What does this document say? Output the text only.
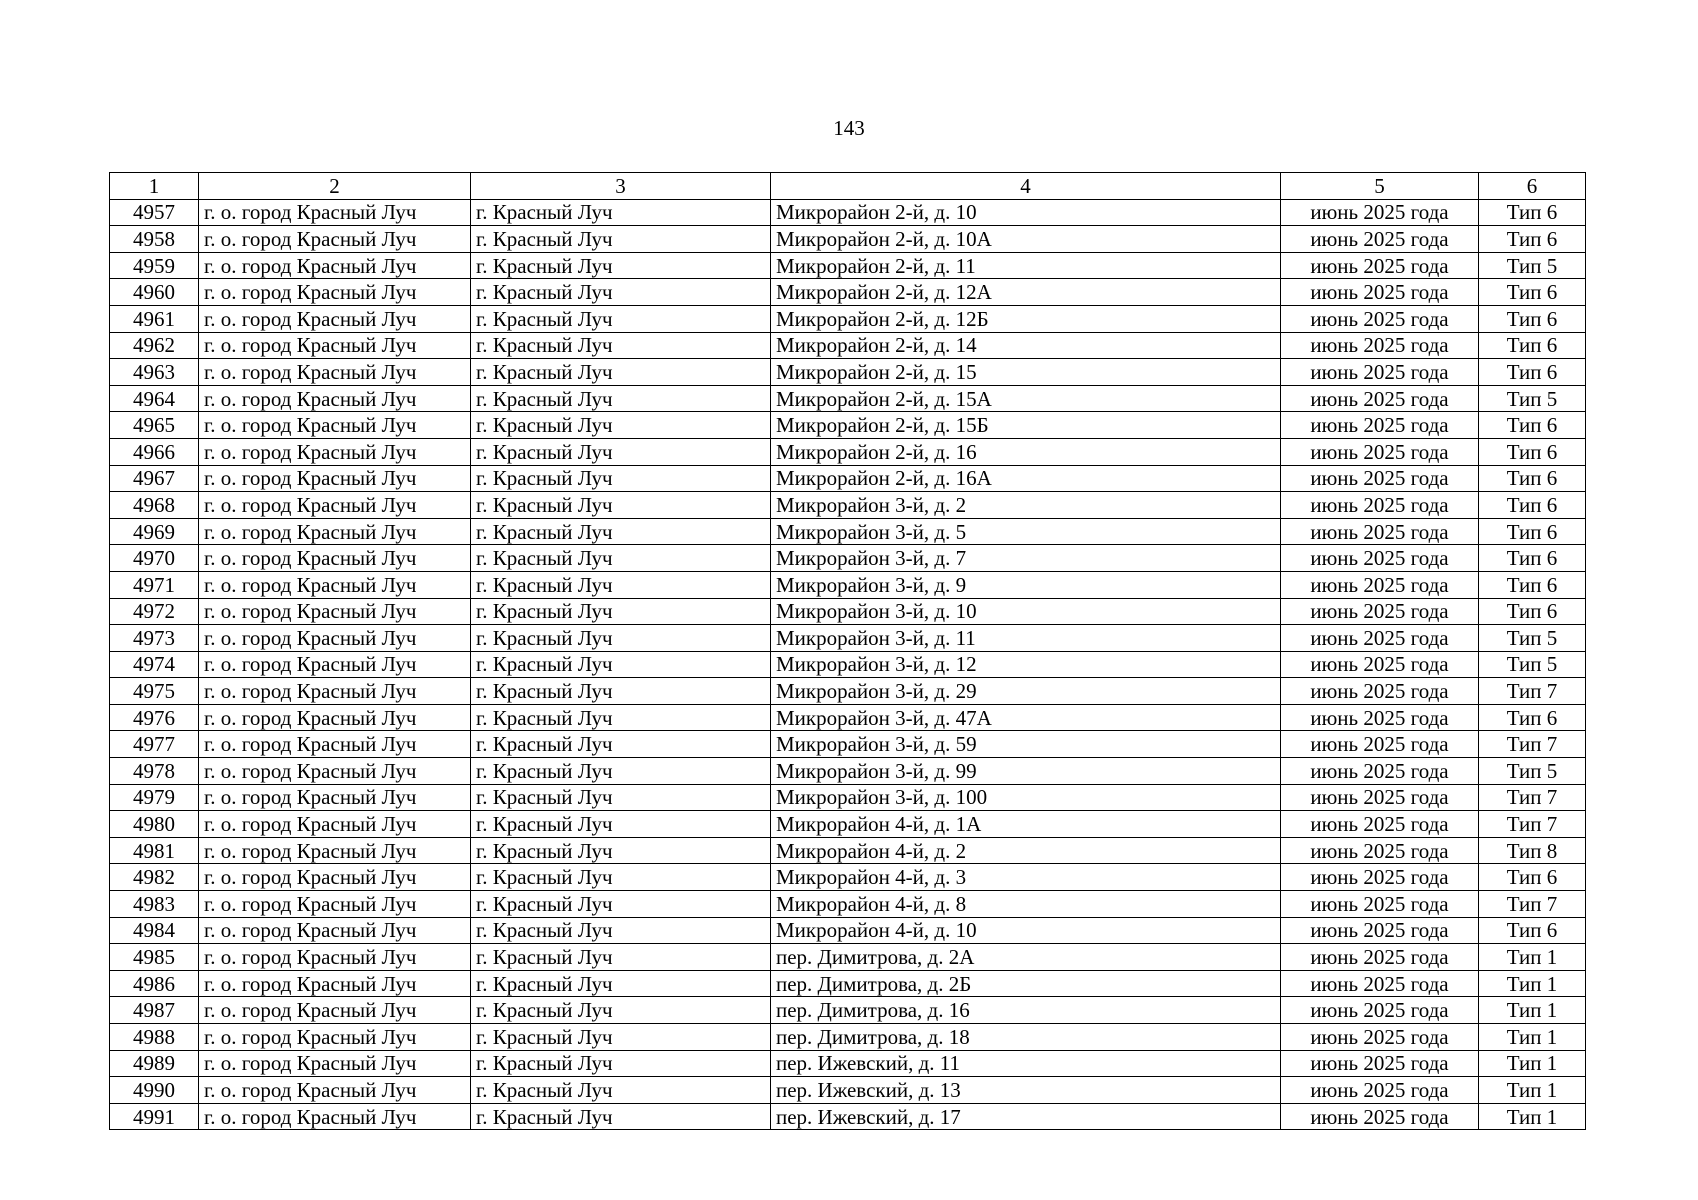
143
1	2	3	4	5	6
4957	г. о. город Красный Луч	г. Красный Луч	Микрорайон 2-й, д. 10	июнь 2025 года	Тип 6
4958	г. о. город Красный Луч	г. Красный Луч	Микрорайон 2-й, д. 10А	июнь 2025 года	Тип 6
4959	г. о. город Красный Луч	г. Красный Луч	Микрорайон 2-й, д. 11	июнь 2025 года	Тип 5
4960	г. о. город Красный Луч	г. Красный Луч	Микрорайон 2-й, д. 12А	июнь 2025 года	Тип 6
4961	г. о. город Красный Луч	г. Красный Луч	Микрорайон 2-й, д. 12Б	июнь 2025 года	Тип 6
4962	г. о. город Красный Луч	г. Красный Луч	Микрорайон 2-й, д. 14	июнь 2025 года	Тип 6
4963	г. о. город Красный Луч	г. Красный Луч	Микрорайон 2-й, д. 15	июнь 2025 года	Тип 6
4964	г. о. город Красный Луч	г. Красный Луч	Микрорайон 2-й, д. 15А	июнь 2025 года	Тип 5
4965	г. о. город Красный Луч	г. Красный Луч	Микрорайон 2-й, д. 15Б	июнь 2025 года	Тип 6
4966	г. о. город Красный Луч	г. Красный Луч	Микрорайон 2-й, д. 16	июнь 2025 года	Тип 6
4967	г. о. город Красный Луч	г. Красный Луч	Микрорайон 2-й, д. 16А	июнь 2025 года	Тип 6
4968	г. о. город Красный Луч	г. Красный Луч	Микрорайон 3-й, д. 2	июнь 2025 года	Тип 6
4969	г. о. город Красный Луч	г. Красный Луч	Микрорайон 3-й, д. 5	июнь 2025 года	Тип 6
4970	г. о. город Красный Луч	г. Красный Луч	Микрорайон 3-й, д. 7	июнь 2025 года	Тип 6
4971	г. о. город Красный Луч	г. Красный Луч	Микрорайон 3-й, д. 9	июнь 2025 года	Тип 6
4972	г. о. город Красный Луч	г. Красный Луч	Микрорайон 3-й, д. 10	июнь 2025 года	Тип 6
4973	г. о. город Красный Луч	г. Красный Луч	Микрорайон 3-й, д. 11	июнь 2025 года	Тип 5
4974	г. о. город Красный Луч	г. Красный Луч	Микрорайон 3-й, д. 12	июнь 2025 года	Тип 5
4975	г. о. город Красный Луч	г. Красный Луч	Микрорайон 3-й, д. 29	июнь 2025 года	Тип 7
4976	г. о. город Красный Луч	г. Красный Луч	Микрорайон 3-й, д. 47А	июнь 2025 года	Тип 6
4977	г. о. город Красный Луч	г. Красный Луч	Микрорайон 3-й, д. 59	июнь 2025 года	Тип 7
4978	г. о. город Красный Луч	г. Красный Луч	Микрорайон 3-й, д. 99	июнь 2025 года	Тип 5
4979	г. о. город Красный Луч	г. Красный Луч	Микрорайон 3-й, д. 100	июнь 2025 года	Тип 7
4980	г. о. город Красный Луч	г. Красный Луч	Микрорайон 4-й, д. 1А	июнь 2025 года	Тип 7
4981	г. о. город Красный Луч	г. Красный Луч	Микрорайон 4-й, д. 2	июнь 2025 года	Тип 8
4982	г. о. город Красный Луч	г. Красный Луч	Микрорайон 4-й, д. 3	июнь 2025 года	Тип 6
4983	г. о. город Красный Луч	г. Красный Луч	Микрорайон 4-й, д. 8	июнь 2025 года	Тип 7
4984	г. о. город Красный Луч	г. Красный Луч	Микрорайон 4-й, д. 10	июнь 2025 года	Тип 6
4985	г. о. город Красный Луч	г. Красный Луч	пер. Димитрова, д. 2А	июнь 2025 года	Тип 1
4986	г. о. город Красный Луч	г. Красный Луч	пер. Димитрова, д. 2Б	июнь 2025 года	Тип 1
4987	г. о. город Красный Луч	г. Красный Луч	пер. Димитрова, д. 16	июнь 2025 года	Тип 1
4988	г. о. город Красный Луч	г. Красный Луч	пер. Димитрова, д. 18	июнь 2025 года	Тип 1
4989	г. о. город Красный Луч	г. Красный Луч	пер. Ижевский, д. 11	июнь 2025 года	Тип 1
4990	г. о. город Красный Луч	г. Красный Луч	пер. Ижевский, д. 13	июнь 2025 года	Тип 1
4991	г. о. город Красный Луч	г. Красный Луч	пер. Ижевский, д. 17	июнь 2025 года	Тип 1
